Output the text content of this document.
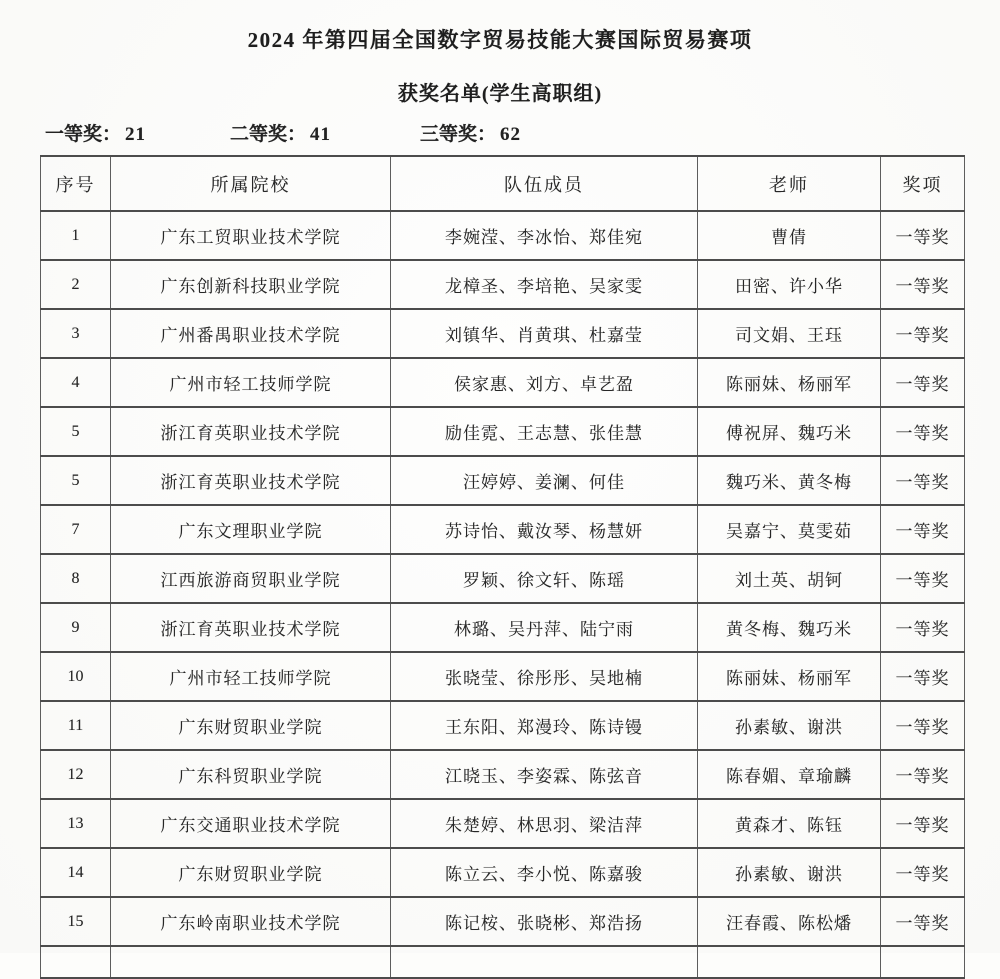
2024 年第四届全国数字贸易技能大赛国际贸易赛项
获奖名单(学生高职组)
一等奖： 21	二等奖： 41	三等奖： 62
序号	所属院校	队伍成员	老师	奖项
1	广东工贸职业技术学院	李婉滢、李冰怡、郑佳宛	曹倩	一等奖
2	广东创新科技职业学院	龙樟圣、李培艳、吴家雯	田密、许小华	一等奖
3	广州番禺职业技术学院	刘镇华、肖黄琪、杜嘉莹	司文娟、王珏	一等奖
4	广州市轻工技师学院	侯家惠、刘方、卓艺盈	陈丽妹、杨丽军	一等奖
5	浙江育英职业技术学院	励佳霓、王志慧、张佳慧	傅祝屏、魏巧米	一等奖
5	浙江育英职业技术学院	汪婷婷、姜澜、何佳	魏巧米、黄冬梅	一等奖
7	广东文理职业学院	苏诗怡、戴汝琴、杨慧妍	吴嘉宁、莫雯茹	一等奖
8	江西旅游商贸职业学院	罗颖、徐文轩、陈瑶	刘土英、胡钶	一等奖
9	浙江育英职业技术学院	林璐、吴丹萍、陆宁雨	黄冬梅、魏巧米	一等奖
10	广州市轻工技师学院	张晓莹、徐彤彤、吴地楠	陈丽妹、杨丽军	一等奖
11	广东财贸职业学院	王东阳、郑漫玲、陈诗镘	孙素敏、谢洪	一等奖
12	广东科贸职业学院	江晓玉、李姿霖、陈弦音	陈春媚、章瑜麟	一等奖
13	广东交通职业技术学院	朱楚婷、林思羽、梁洁萍	黄森才、陈钰	一等奖
14	广东财贸职业学院	陈立云、李小悦、陈嘉骏	孙素敏、谢洪	一等奖
15	广东岭南职业技术学院	陈记桉、张晓彬、郑浩扬	汪春霞、陈松燔	一等奖
